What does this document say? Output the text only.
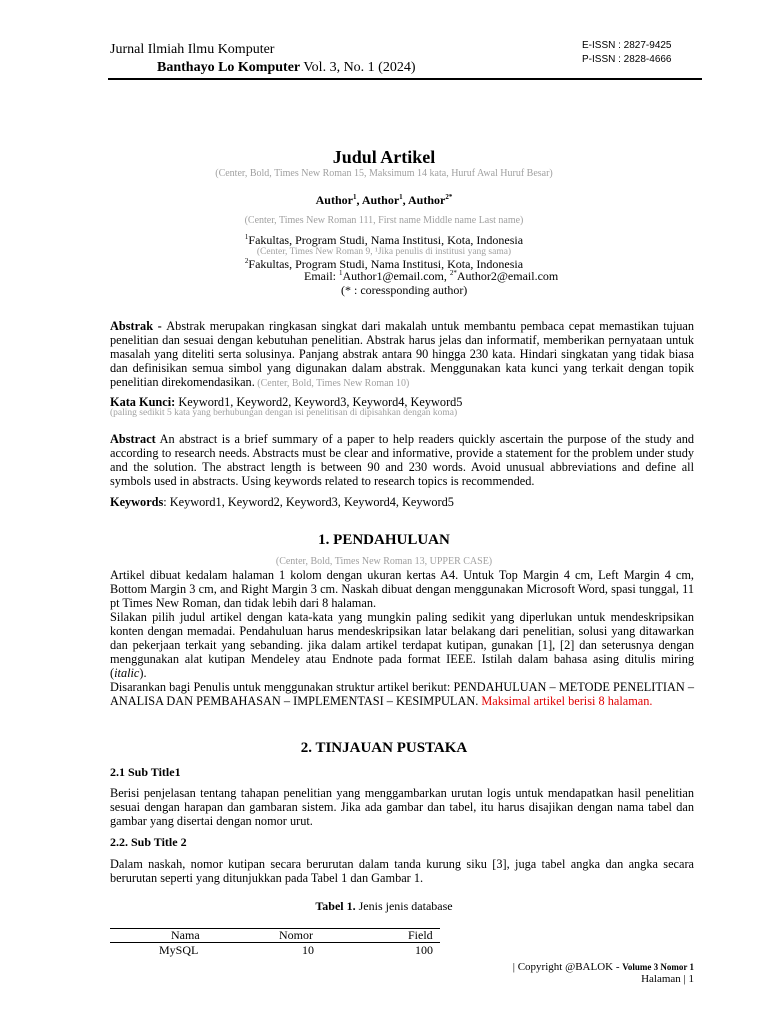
Jurnal Ilmiah Ilmu Komputer
Banthayo Lo Komputer Vol. 3, No. 1 (2024)
E-ISSN : 2827-9425
P-ISSN : 2828-4666
Judul Artikel
(Center, Bold, Times New Roman 15, Maksimum 14 kata, Huruf Awal Huruf Besar)
Author$^1$, Author$^1$, Author$^{2*}$
(Center, Times New Roman 111, First name Middle name Last name)
$^1$Fakultas, Program Studi, Nama Institusi, Kota, Indonesia
(Center, Times New Roman 9, ¹Jika penulis di institusi yang sama)
$^2$Fakultas, Program Studi, Nama Institusi, Kota, Indonesia
Email: $^1$Author1@email.com, $^{2*}$Author2@email.com
(* : coressponding author)
Abstrak - Abstrak merupakan ringkasan singkat dari makalah untuk membantu pembaca cepat memastikan tujuan penelitian dan sesuai dengan kebutuhan penelitian. Abstrak harus jelas dan informatif, memberikan pernyataan untuk masalah yang diteliti serta solusinya. Panjang abstrak antara 90 hingga 230 kata. Hindari singkatan yang tidak biasa dan definisikan semua simbol yang digunakan dalam abstrak. Menggunakan kata kunci yang terkait dengan topik penelitian direkomendasikan. (Center, Bold, Times New Roman 10)
Kata Kunci: Keyword1, Keyword2, Keyword3, Keyword4, Keyword5
(paling sedikit 5 kata yang berhubungan dengan isi penelitisan di dipisahkan dengan koma)
Abstract An abstract is a brief summary of a paper to help readers quickly ascertain the purpose of the study and according to research needs. Abstracts must be clear and informative, provide a statement for the problem under study and the solution. The abstract length is between 90 and 230 words. Avoid unusual abbreviations and define all symbols used in abstracts. Using keywords related to research topics is recommended.
Keywords: Keyword1, Keyword2, Keyword3, Keyword4, Keyword5
1. PENDAHULUAN
(Center, Bold, Times New Roman 13, UPPER CASE)
Artikel dibuat kedalam halaman 1 kolom dengan ukuran kertas A4. Untuk Top Margin 4 cm, Left Margin 4 cm, Bottom Margin 3 cm, and Right Margin 3 cm. Naskah dibuat dengan menggunakan Microsoft Word, spasi tunggal, 11 pt Times New Roman, dan tidak lebih dari 8 halaman.
Silakan pilih judul artikel dengan kata-kata yang mungkin paling sedikit yang diperlukan untuk mendeskripsikan konten dengan memadai. Pendahuluan harus mendeskripsikan latar belakang dari penelitian, solusi yang ditawarkan dan pekerjaan terkait yang sebanding. jika dalam artikel terdapat kutipan, gunakan [1], [2] dan seterusnya dengan menggunakan alat kutipan Mendeley atau Endnote pada format IEEE. Istilah dalam bahasa asing ditulis miring (italic).
Disarankan bagi Penulis untuk menggunakan struktur artikel berikut: PENDAHULUAN – METODE PENELITIAN – ANALISA DAN PEMBAHASAN – IMPLEMENTASI – KESIMPULAN. Maksimal artikel berisi 8 halaman.
2. TINJAUAN PUSTAKA
2.1 Sub Title1
Berisi penjelasan tentang tahapan penelitian yang menggambarkan urutan logis untuk mendapatkan hasil penelitian sesuai dengan harapan dan gambaran sistem. Jika ada gambar dan tabel, itu harus disajikan dengan nama tabel dan gambar yang disertai dengan nomor urut.
2.2. Sub Title 2
Dalam naskah, nomor kutipan secara berurutan dalam tanda kurung siku [3], juga tabel angka dan angka secara berurutan seperti yang ditunjukkan pada Tabel 1 dan Gambar 1.
Tabel 1. Jenis jenis database
Nama	Nomor	Field
MySQL	10	100
| Copyright @BALOK - Volume 3 Nomor 1
Halaman | 1
